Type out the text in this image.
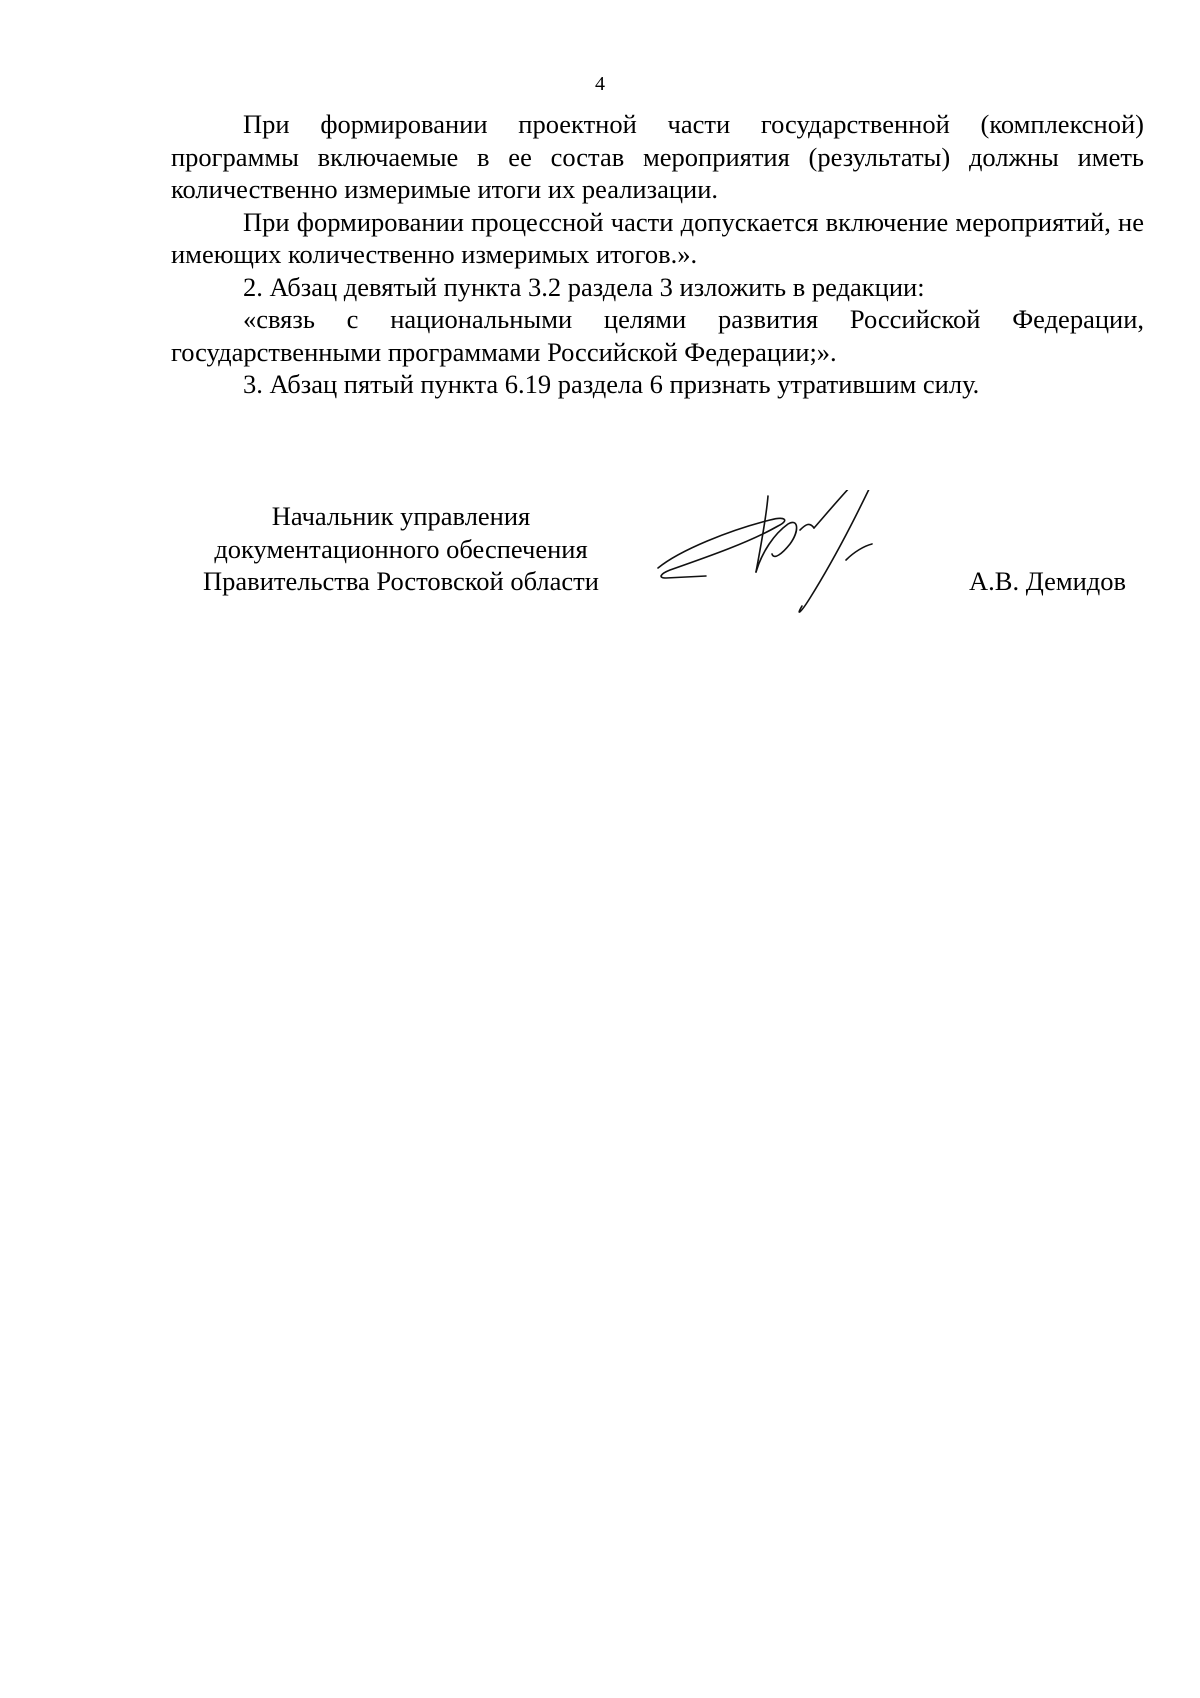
4

При формировании проектной части государственной (комплексной) программы включаемые в ее состав мероприятия (результаты) должны иметь количественно измеримые итоги их реализации.

При формировании процессной части допускается включение мероприятий, не имеющих количественно измеримых итогов.».

2. Абзац девятый пункта 3.2 раздела 3 изложить в редакции:

«связь с национальными целями развития Российской Федерации, государственными программами Российской Федерации;».

3. Абзац пятый пункта 6.19 раздела 6 признать утратившим силу.

Начальник управления
документационного обеспечения
Правительства Ростовской области	А.В. Демидов
